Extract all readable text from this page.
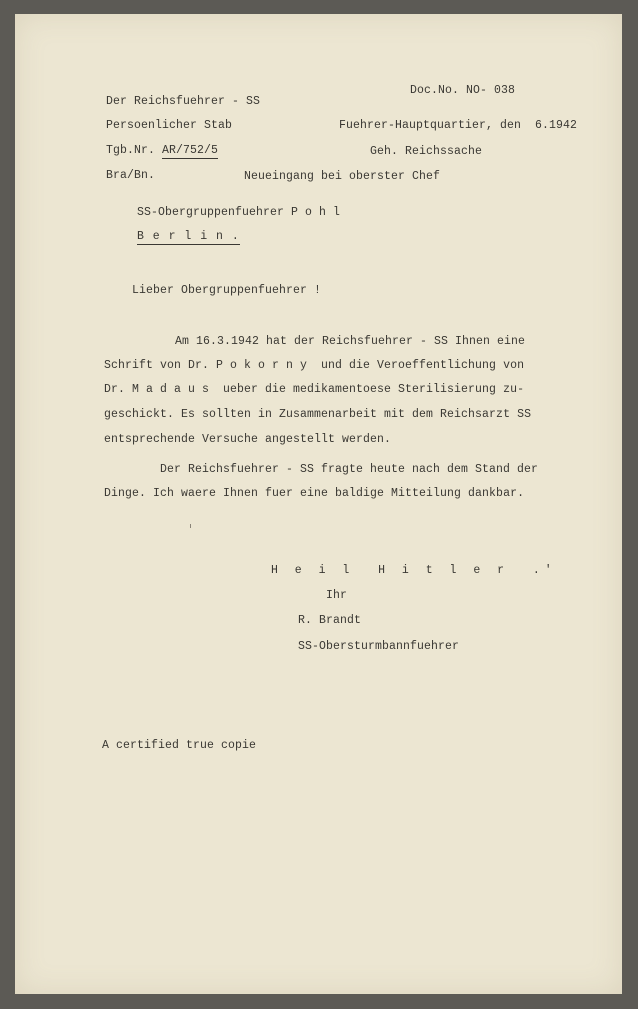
Der Reichsfuehrer - SS
Persoenlicher Stab
Tgb.Nr. AR/752/5
Bra/Bn.
Doc.No. NO- 038
Fuehrer-Hauptquartier, den 6.1942
Geh. Reichssache
Neueingang bei oberster Chef
SS-Obergruppenfuehrer P o h l
B e r l i n .
Lieber Obergruppenfuehrer !
Am 16.3.1942 hat der Reichsfuehrer - SS Ihnen eine
Schrift von Dr. P o k o r n y  und die Veroeffentlichung von
Dr. M a d a u s  ueber die medikamentoese Sterilisierung zu-
geschickt. Es sollten in Zusammenarbeit mit dem Reichsarzt SS
entsprechende Versuche angestellt werden.
Der Reichsfuehrer - SS fragte heute nach dem Stand der
Dinge. Ich waere Ihnen fuer eine baldige Mitteilung dankbar.
H e i l  H i t l e r  .'
Ihr
R. Brandt
SS-Obersturmbannfuehrer
A certified true copie
